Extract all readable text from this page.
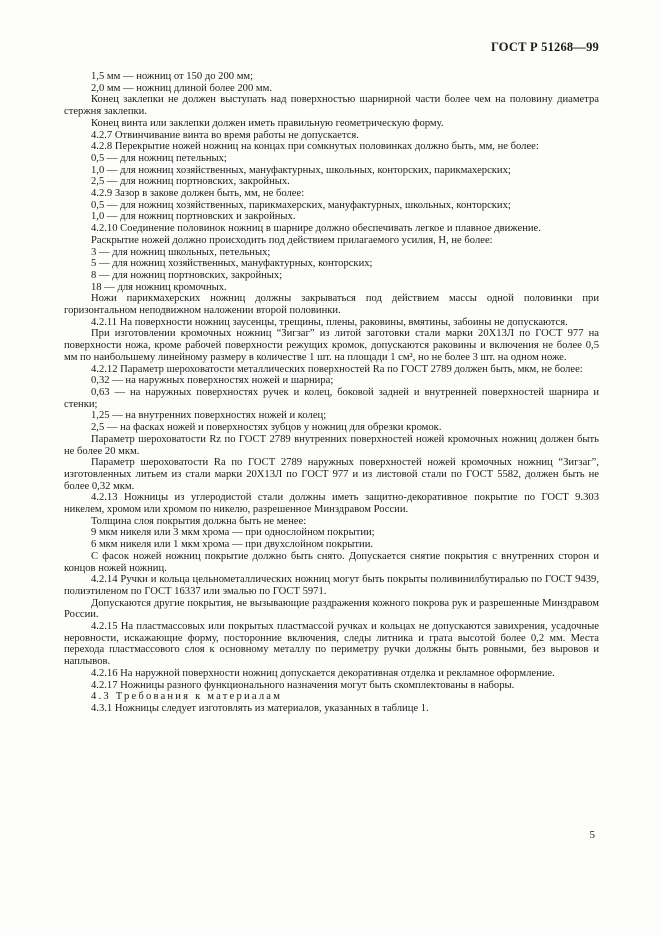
ГОСТ Р 51268—99

1,5 мм — ножниц от 150 до 200 мм;

2,0 мм — ножниц длиной более 200 мм.

Конец заклепки не должен выступать над поверхностью шарнирной части более чем на половину диаметра стержня заклепки.

Конец винта или заклепки должен иметь правильную геометрическую форму.

4.2.7 Отвинчивание винта во время работы не допускается.

4.2.8 Перекрытие ножей ножниц на концах при сомкнутых половинках должно быть, мм, не более:

0,5 — для ножниц петельных;

1,0 — для ножниц хозяйственных, мануфактурных, школьных, конторских, парикмахерских;

2,5 — для ножниц портновских, закройных.

4.2.9 Зазор в закове должен быть, мм, не более:

0,5 — для ножниц хозяйственных, парикмахерских, мануфактурных, школьных, конторских;

1,0 — для ножниц портновских и закройных.

4.2.10 Соединение половинок ножниц в шарнире должно обеспечивать легкое и плавное движение.

Раскрытие ножей должно происходить под действием прилагаемого усилия, Н, не более:

3 — для ножниц школьных, петельных;

5 — для ножниц хозяйственных, мануфактурных, конторских;

8 — для ножниц портновских, закройных;

18 — для ножниц кромочных.

Ножи парикмахерских ножниц должны закрываться под действием массы одной половинки при горизонтальном неподвижном наложении второй половинки.

4.2.11 На поверхности ножниц заусенцы, трещины, плены, раковины, вмятины, забоины не допускаются.

При изготовлении кромочных ножниц “Зигзаг” из литой заготовки стали марки 20Х13Л по ГОСТ 977 на поверхности ножа, кроме рабочей поверхности режущих кромок, допускаются раковины и включения не более 0,5 мм по наибольшему линейному размеру в количестве 1 шт. на площади 1 см², но не более 3 шт. на одном ноже.

4.2.12 Параметр шероховатости металлических поверхностей Ra по ГОСТ 2789 должен быть, мкм, не более:

0,32 — на наружных поверхностях ножей и шарнира;

0,63 — на наружных поверхностях ручек и колец, боковой задней и внутренней поверхностей шарнира и стенки;

1,25 — на внутренних поверхностях ножей и колец;

2,5 — на фасках ножей и поверхностях зубцов у ножниц для обрезки кромок.

Параметр шероховатости Rz по ГОСТ 2789 внутренних поверхностей ножей кромочных ножниц должен быть не более 20 мкм.

Параметр шероховатости Ra по ГОСТ 2789 наружных поверхностей ножей кромочных ножниц “Зигзаг”, изготовленных литьем из стали марки 20Х13Л по ГОСТ 977 и из листовой стали по ГОСТ 5582, должен быть не более 0,32 мкм.

4.2.13 Ножницы из углеродистой стали должны иметь защитно-декоративное покрытие по ГОСТ 9.303 никелем, хромом или хромом по никелю, разрешенное Минздравом России.

Толщина слоя покрытия должна быть не менее:

9 мкм никеля или 3 мкм хрома — при однослойном покрытии;

6 мкм никеля или 1 мкм хрома — при двухслойном покрытии.

С фасок ножей ножниц покрытие должно быть снято. Допускается снятие покрытия с внутренних сторон и концов ножей ножниц.

4.2.14 Ручки и кольца цельнометаллических ножниц могут быть покрыты поливинилбутиралью по ГОСТ 9439, полиэтиленом по ГОСТ 16337 или эмалью по ГОСТ 5971.

Допускаются другие покрытия, не вызывающие раздражения кожного покрова рук и разрешенные Минздравом России.

4.2.15 На пластмассовых или покрытых пластмассой ручках и кольцах не допускаются завихрения, усадочные неровности, искажающие форму, посторонние включения, следы литника и грата высотой более 0,2 мм. Места перехода пластмассового слоя к основному металлу по периметру ручки должны быть ровными, без выровов и наплывов.

4.2.16 На наружной поверхности ножниц допускается декоративная отделка и рекламное оформление.

4.2.17 Ножницы разного функционального назначения могут быть скомплектованы в наборы.

4.3 Требования к материалам

4.3.1 Ножницы следует изготовлять из материалов, указанных в таблице 1.

5
